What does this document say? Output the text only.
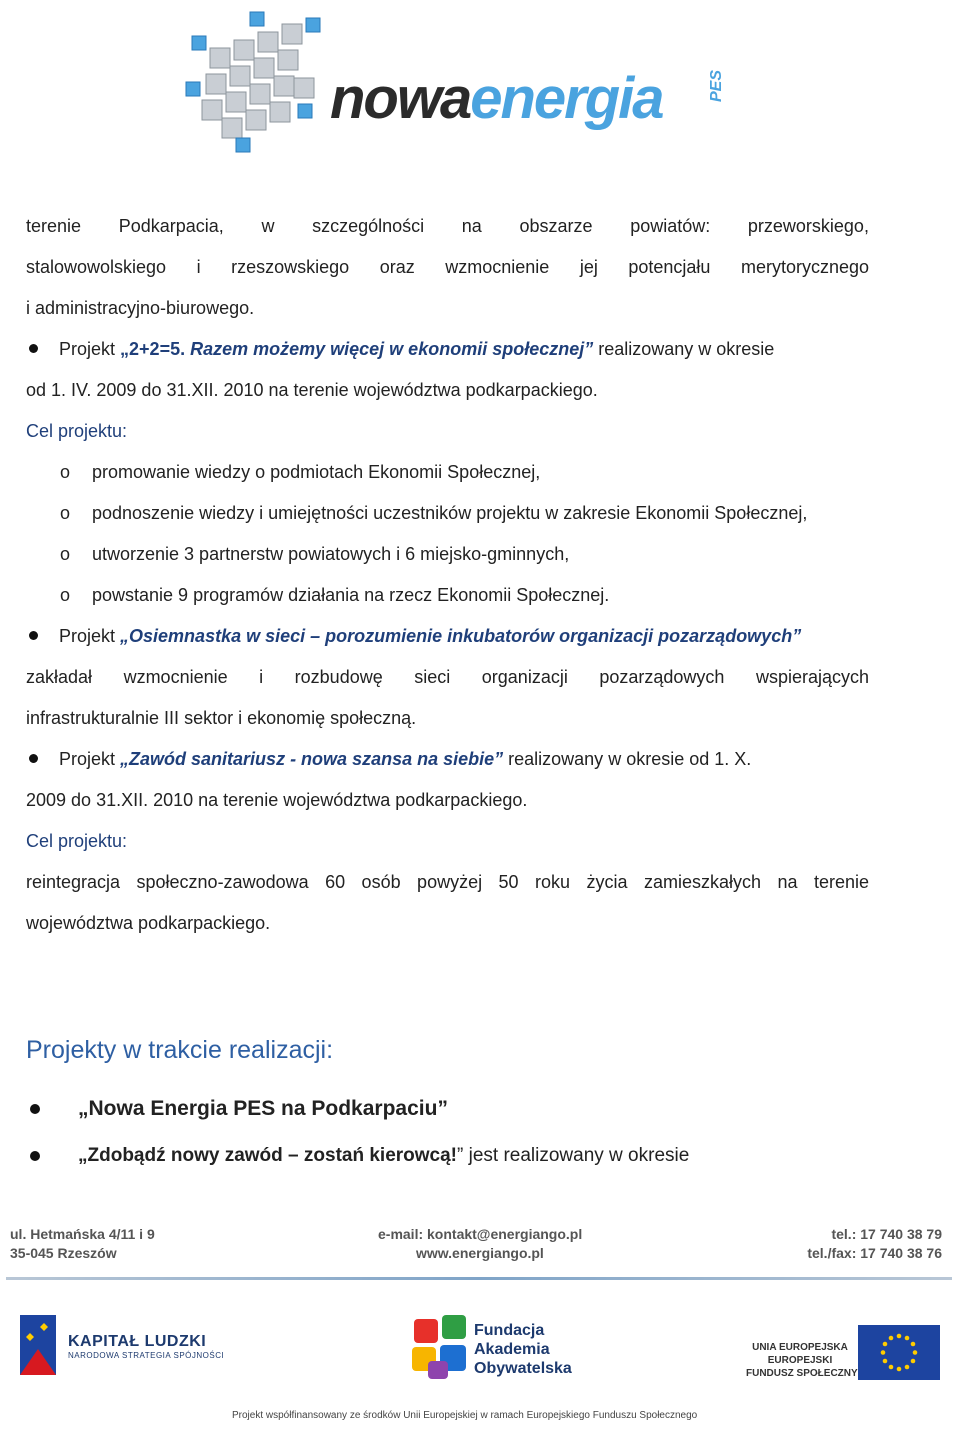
nowaenergia	PES

terenie Podkarpacia, w szczególności na obszarze powiatów: przeworskiego,

stalowowolskiego i rzeszowskiego oraz wzmocnienie jej potencjału merytorycznego

i administracyjno-biurowego.

Projekt „2+2=5. Razem możemy więcej w ekonomii społecznej” realizowany w okresie

od 1. IV. 2009 do 31.XII. 2010 na terenie województwa podkarpackiego.

Cel projektu:

o	promowanie wiedzy o podmiotach Ekonomii Społecznej,
o	podnoszenie wiedzy i umiejętności uczestników projektu w zakresie Ekonomii Społecznej,
o	utworzenie 3 partnerstw powiatowych i 6 miejsko-gminnych,
o	powstanie 9 programów działania na rzecz Ekonomii Społecznej.
Projekt „Osiemnastka w sieci – porozumienie inkubatorów organizacji pozarządowych”

zakładał wzmocnienie i rozbudowę sieci organizacji pozarządowych wspierających

infrastrukturalnie III sektor i ekonomię społeczną.

Projekt „Zawód sanitariusz - nowa szansa na siebie” realizowany w okresie od 1. X.

2009 do 31.XII. 2010 na terenie województwa podkarpackiego.

Cel projektu:

reintegracja społeczno-zawodowa 60 osób powyżej 50 roku życia zamieszkałych na terenie

województwa podkarpackiego.

Projekty w trakcie realizacji:
„Nowa Energia PES na Podkarpaciu”
„Zdobądź nowy zawód – zostań kierowcą!” jest realizowany w okresie
ul. Hetmańska 4/11 i 9
35-045 Rzeszów
e-mail: kontakt@energiango.pl
www.energiango.pl
tel.: 17 740 38 79
tel./fax: 17 740 38 76
KAPITAŁ LUDZKI
NARODOWA STRATEGIA SPÓJNOŚCI
Fundacja
Akademia
Obywatelska
UNIA EUROPEJSKA
EUROPEJSKI
FUNDUSZ SPOŁECZNY
Projekt współfinansowany ze środków Unii Europejskiej w ramach Europejskiego Funduszu Społecznego
